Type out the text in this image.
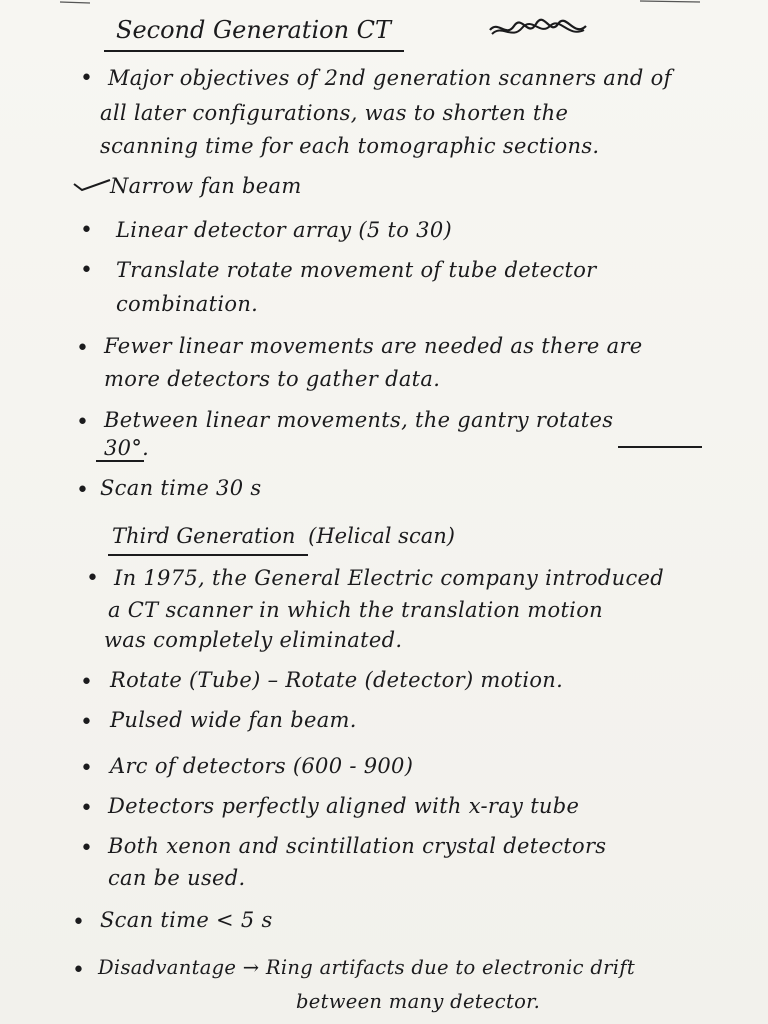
Second Generation CT
• Major objectives of 2nd generation scanners and of
all later configurations, was to shorten the
scanning time for each tomographic sections.
Narrow fan beam
• Linear detector array (5 to 30)
• Translate rotate movement of tube detector
combination.
• Fewer linear movements are needed as there are
more detectors to gather data.
• Between linear movements, the gantry rotates
30°.
• Scan time 30 s
Third Generation (Helical scan)
• In 1975, the General Electric company introduced
a CT scanner in which the translation motion
was completely eliminated.
• Rotate (Tube) – Rotate (detector) motion.
• Pulsed wide fan beam.
• Arc of detectors (600 - 900)
• Detectors perfectly aligned with x-ray tube
• Both xenon and scintillation crystal detectors
can be used.
• Scan time < 5 s
• Disadvantage → Ring artifacts due to electronic drift
between many detector.
